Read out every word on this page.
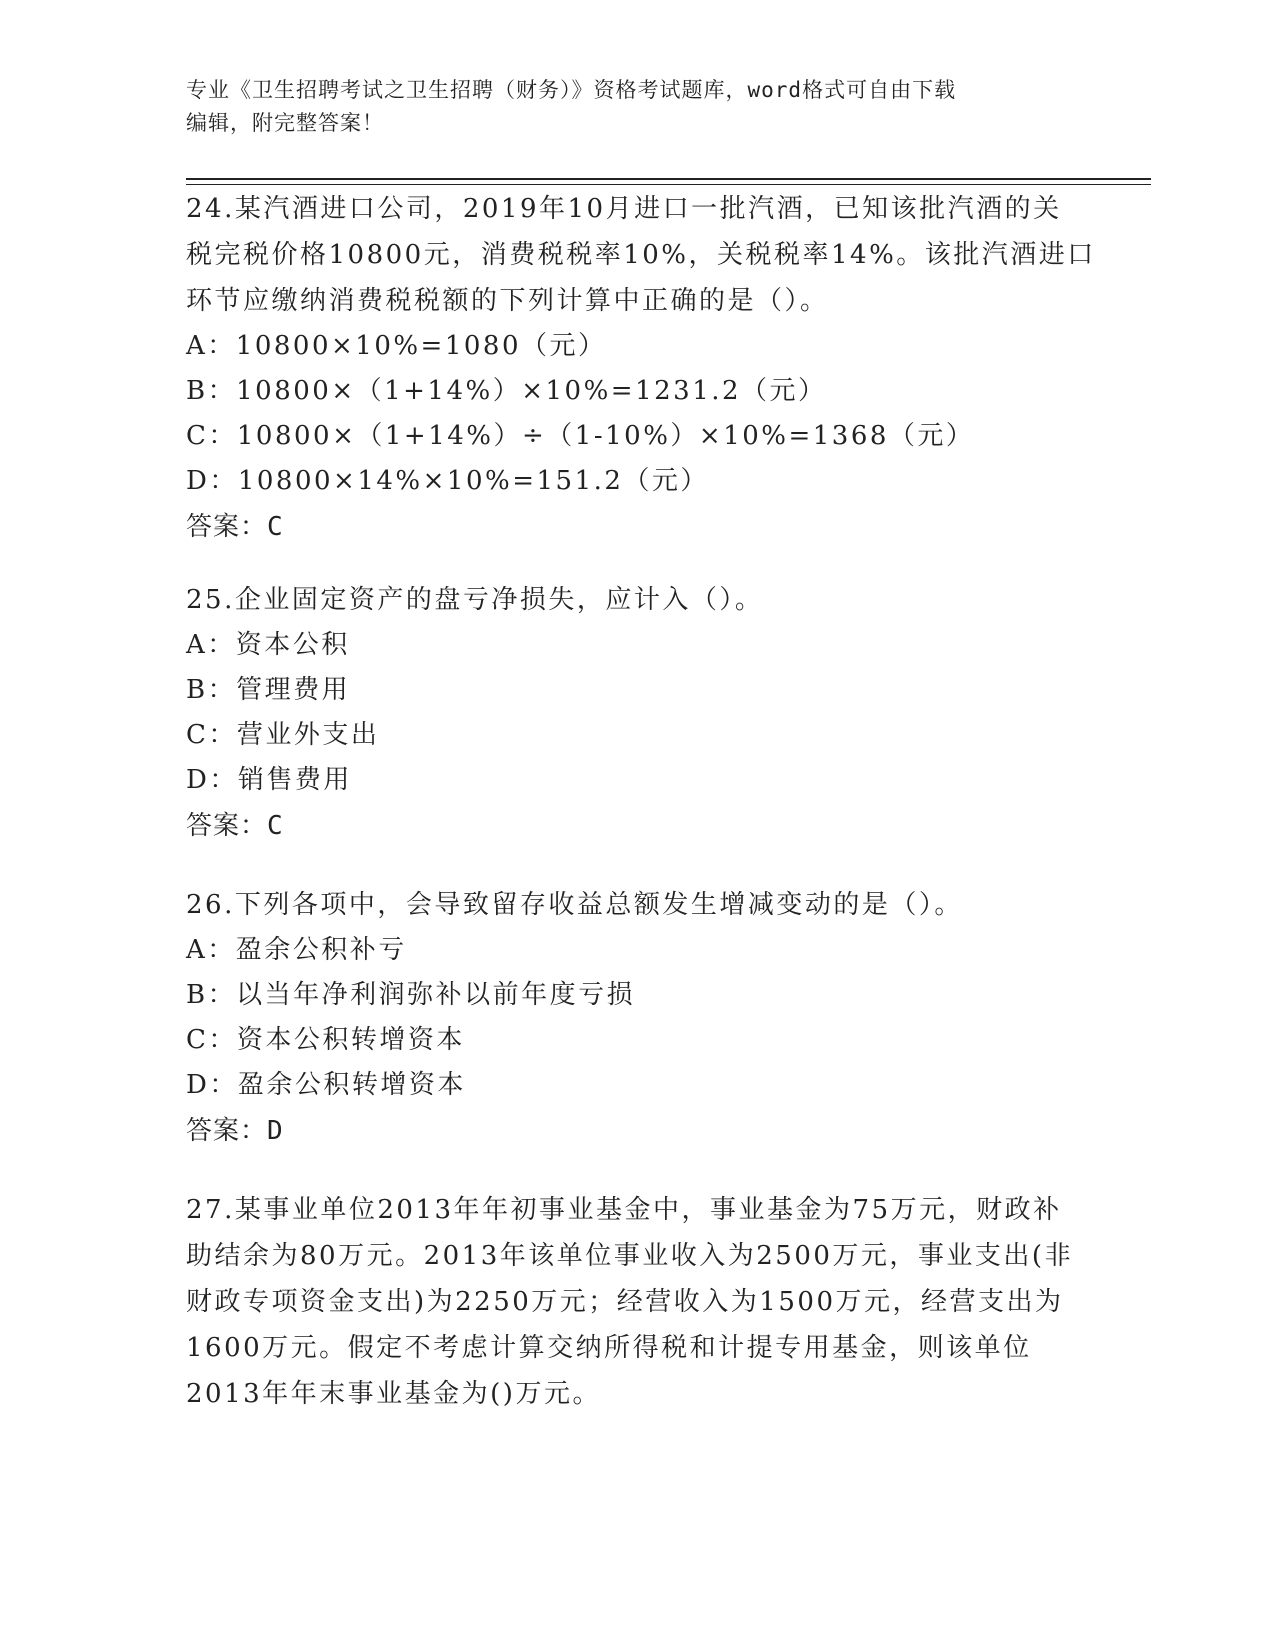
专业《卫生招聘考试之卫生招聘（财务）》资格考试题库，word格式可自由下载
编辑，附完整答案！
24.某汽酒进口公司，2019年10月进口一批汽酒，已知该批汽酒的关
税完税价格10800元，消费税税率10%，关税税率14%。该批汽酒进口
环节应缴纳消费税税额的下列计算中正确的是（）。
A：10800×10%=1080（元）
B：10800×（1+14%）×10%=1231.2（元）
C：10800×（1+14%）÷（1-10%）×10%=1368（元）
D：10800×14%×10%=151.2（元）
答案：C
25.企业固定资产的盘亏净损失，应计入（）。
A：资本公积
B：管理费用
C：营业外支出
D：销售费用
答案：C
26.下列各项中，会导致留存收益总额发生增减变动的是（）。
A：盈余公积补亏
B：以当年净利润弥补以前年度亏损
C：资本公积转增资本
D：盈余公积转增资本
答案：D
27.某事业单位2013年年初事业基金中，事业基金为75万元，财政补
助结余为80万元。2013年该单位事业收入为2500万元，事业支出(非
财政专项资金支出)为2250万元；经营收入为1500万元，经营支出为
1600万元。假定不考虑计算交纳所得税和计提专用基金，则该单位
2013年年末事业基金为()万元。
